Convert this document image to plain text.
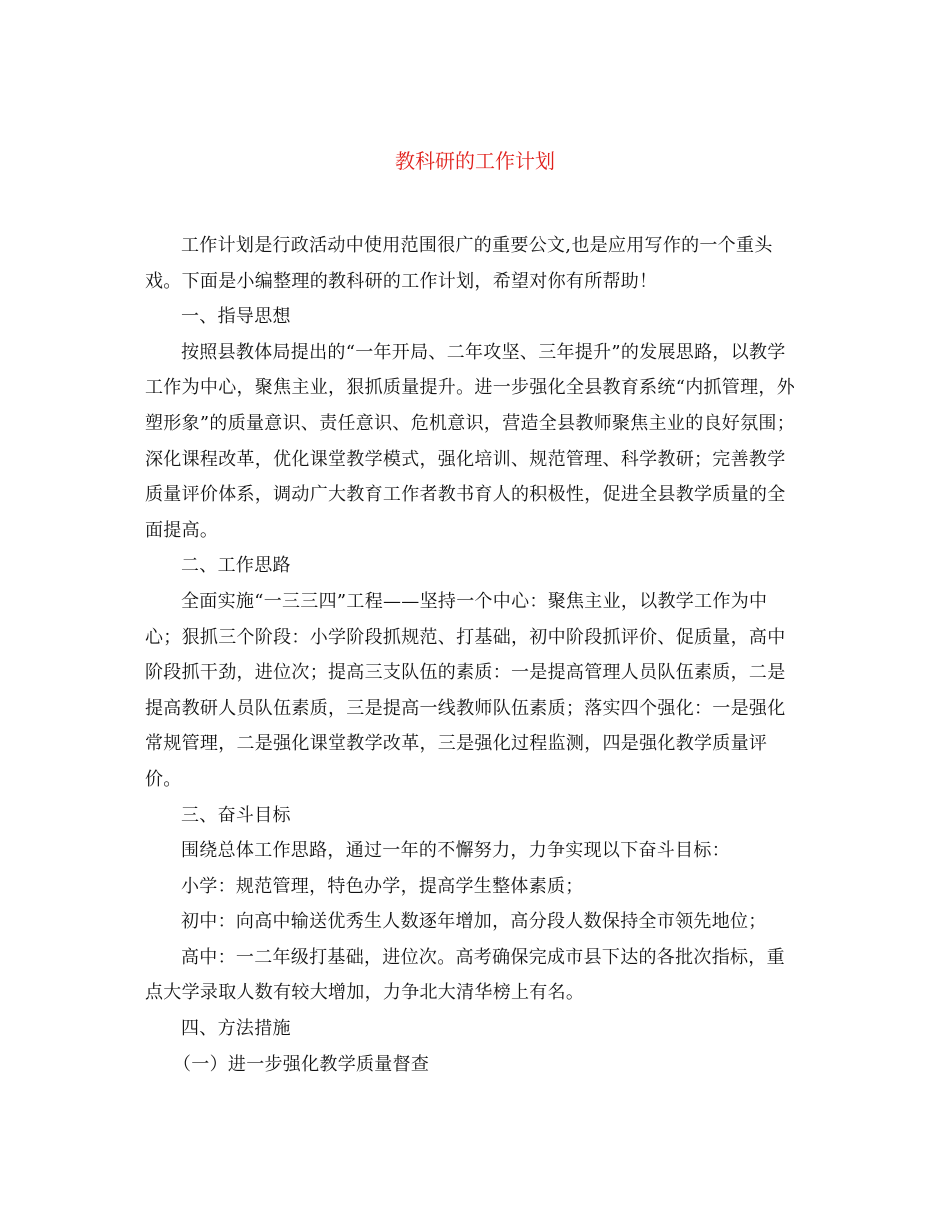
教科研的工作计划
工作计划是行政活动中使用范围很广的重要公文,也是应用写作的一个重头
戏。下面是小编整理的教科研的工作计划，希望对你有所帮助！
一、指导思想
按照县教体局提出的“一年开局、二年攻坚、三年提升”的发展思路，以教学
工作为中心，聚焦主业，狠抓质量提升。进一步强化全县教育系统“内抓管理，外
塑形象”的质量意识、责任意识、危机意识，营造全县教师聚焦主业的良好氛围；
深化课程改革，优化课堂教学模式，强化培训、规范管理、科学教研；完善教学
质量评价体系，调动广大教育工作者教书育人的积极性，促进全县教学质量的全
面提高。
二、工作思路
全面实施“一三三四”工程——坚持一个中心：聚焦主业，以教学工作为中
心；狠抓三个阶段：小学阶段抓规范、打基础，初中阶段抓评价、促质量，高中
阶段抓干劲，进位次；提高三支队伍的素质：一是提高管理人员队伍素质，二是
提高教研人员队伍素质，三是提高一线教师队伍素质；落实四个强化：一是强化
常规管理，二是强化课堂教学改革，三是强化过程监测，四是强化教学质量评
价。
三、奋斗目标
围绕总体工作思路，通过一年的不懈努力，力争实现以下奋斗目标：
小学：规范管理，特色办学，提高学生整体素质；
初中：向高中输送优秀生人数逐年增加，高分段人数保持全市领先地位；
高中：一二年级打基础，进位次。高考确保完成市县下达的各批次指标，重
点大学录取人数有较大增加，力争北大清华榜上有名。
四、方法措施
（一）进一步强化教学质量督查
